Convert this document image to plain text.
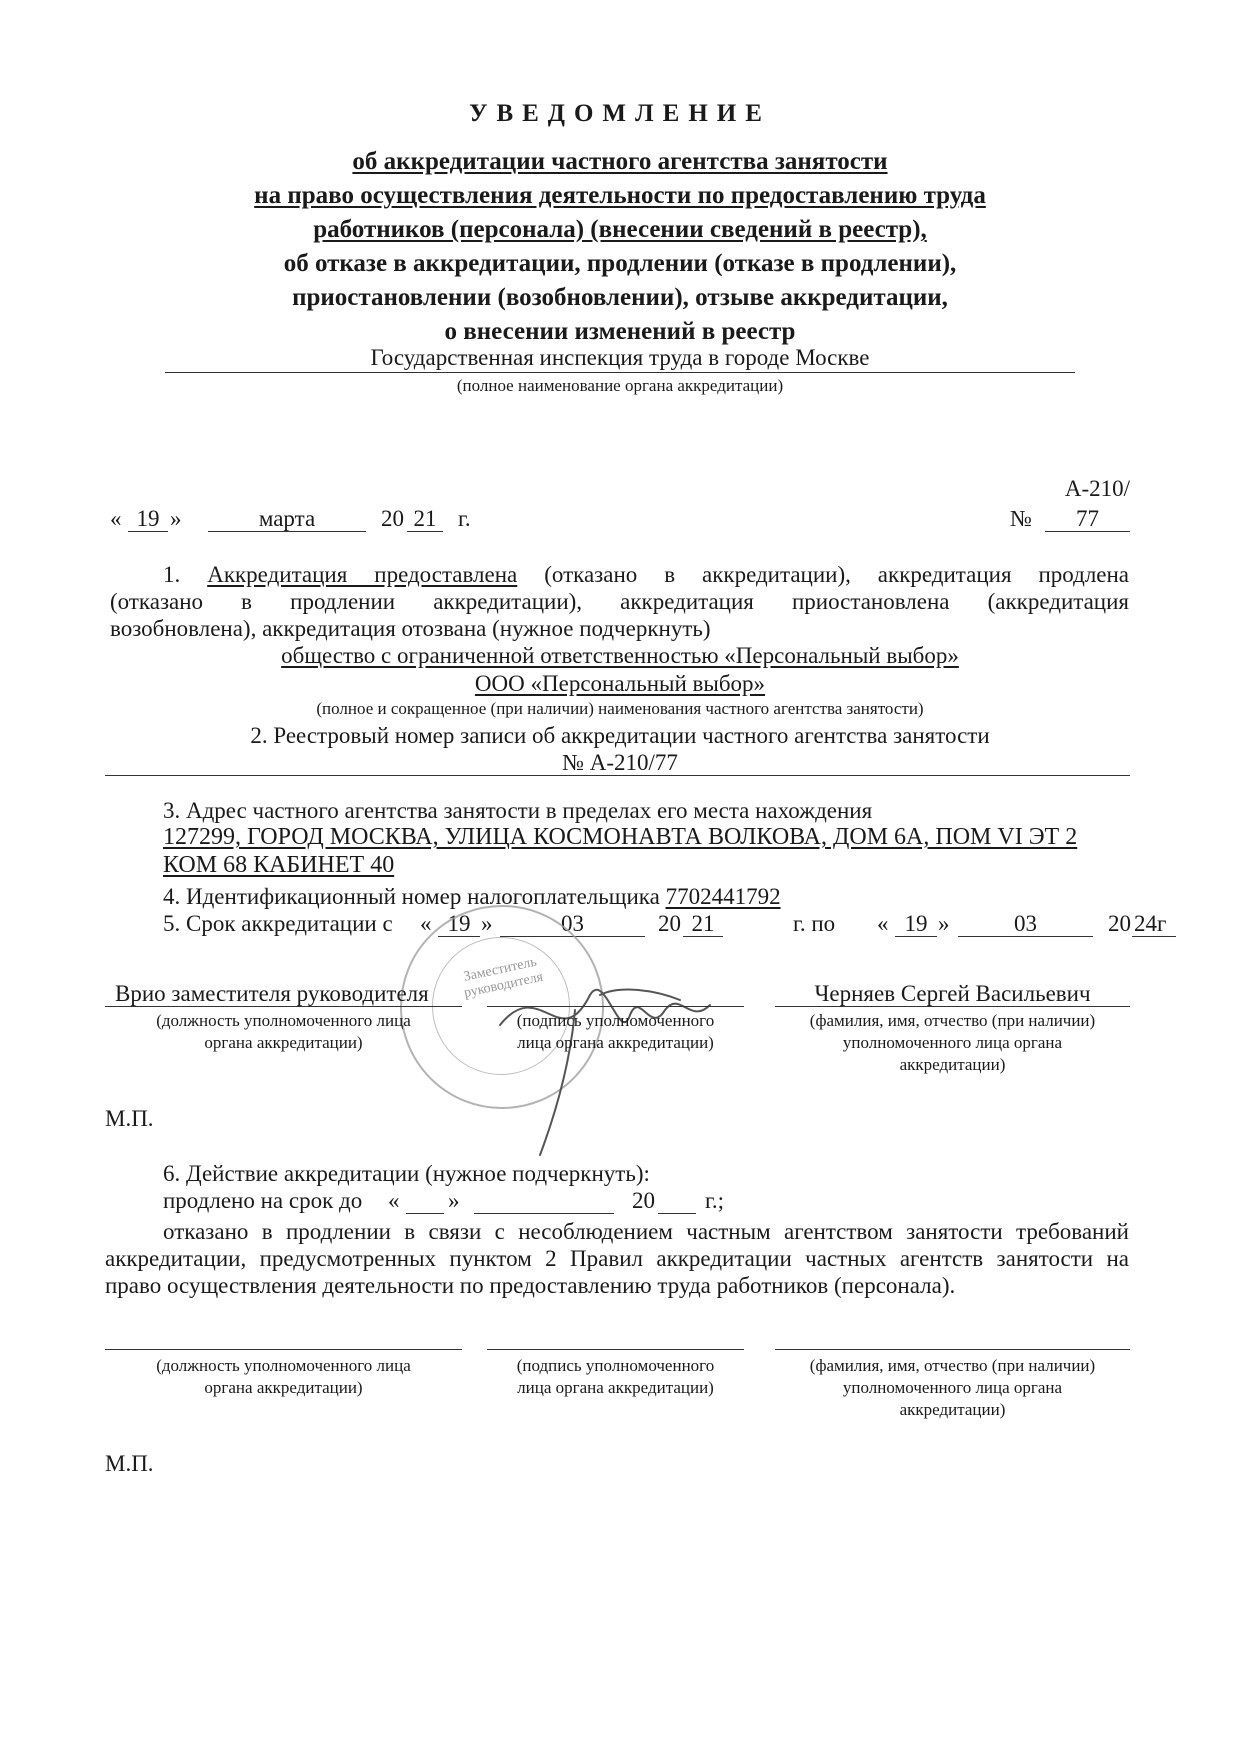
УВЕДОМЛЕНИЕ
об аккредитации частного агентства занятости
на право осуществления деятельности по предоставлению труда
работников (персонала) (внесении сведений в реестр),
об отказе в аккредитации, продлении (отказе в продлении),
приостановлении (возобновлении), отзыве аккредитации,
о внесении изменений в реестр
Государственная инспекция труда в городе Москве
(полное наименование органа аккредитации)
А-210/
№	77
« 19 »	марта	20 21 г.
1. Аккредитация предоставлена (отказано в аккредитации), аккредитация продлена
(отказано в продлении аккредитации), аккредитация приостановлена (аккредитация
возобновлена), аккредитация отозвана (нужное подчеркнуть)
общество с ограниченной ответственностью «Персональный выбор»
ООО «Персональный выбор»
(полное и сокращенное (при наличии) наименования частного агентства занятости)
2. Реестровый номер записи об аккредитации частного агентства занятости
№ А-210/77
3. Адрес частного агентства занятости в пределах его места нахождения
127299, ГОРОД МОСКВА, УЛИЦА КОСМОНАВТА ВОЛКОВА, ДОМ 6А, ПОМ VI ЭТ 2
КОМ 68 КАБИНЕТ 40
4. Идентификационный номер налогоплательщика 7702441792
5. Срок аккредитации с « 19 »	03	20 21	г. по « 19 »	03	20 24г
Заместитель руководителя
Врио заместителя руководителя	Черняев Сергей Васильевич
(должность уполномоченного лица
органа аккредитации)
(подпись уполномоченного
лица органа аккредитации)
(фамилия, имя, отчество (при наличии)
уполномоченного лица органа
аккредитации)
М.П.
6. Действие аккредитации (нужное подчеркнуть):
продлено на срок до « »	20 г.;
отказано в продлении в связи с несоблюдением частным агентством занятости требований
аккредитации, предусмотренных пунктом 2 Правил аккредитации частных агентств занятости на
право осуществления деятельности по предоставлению труда работников (персонала).
(должность уполномоченного лица
органа аккредитации)
(подпись уполномоченного
лица органа аккредитации)
(фамилия, имя, отчество (при наличии)
уполномоченного лица органа
аккредитации)
М.П.
